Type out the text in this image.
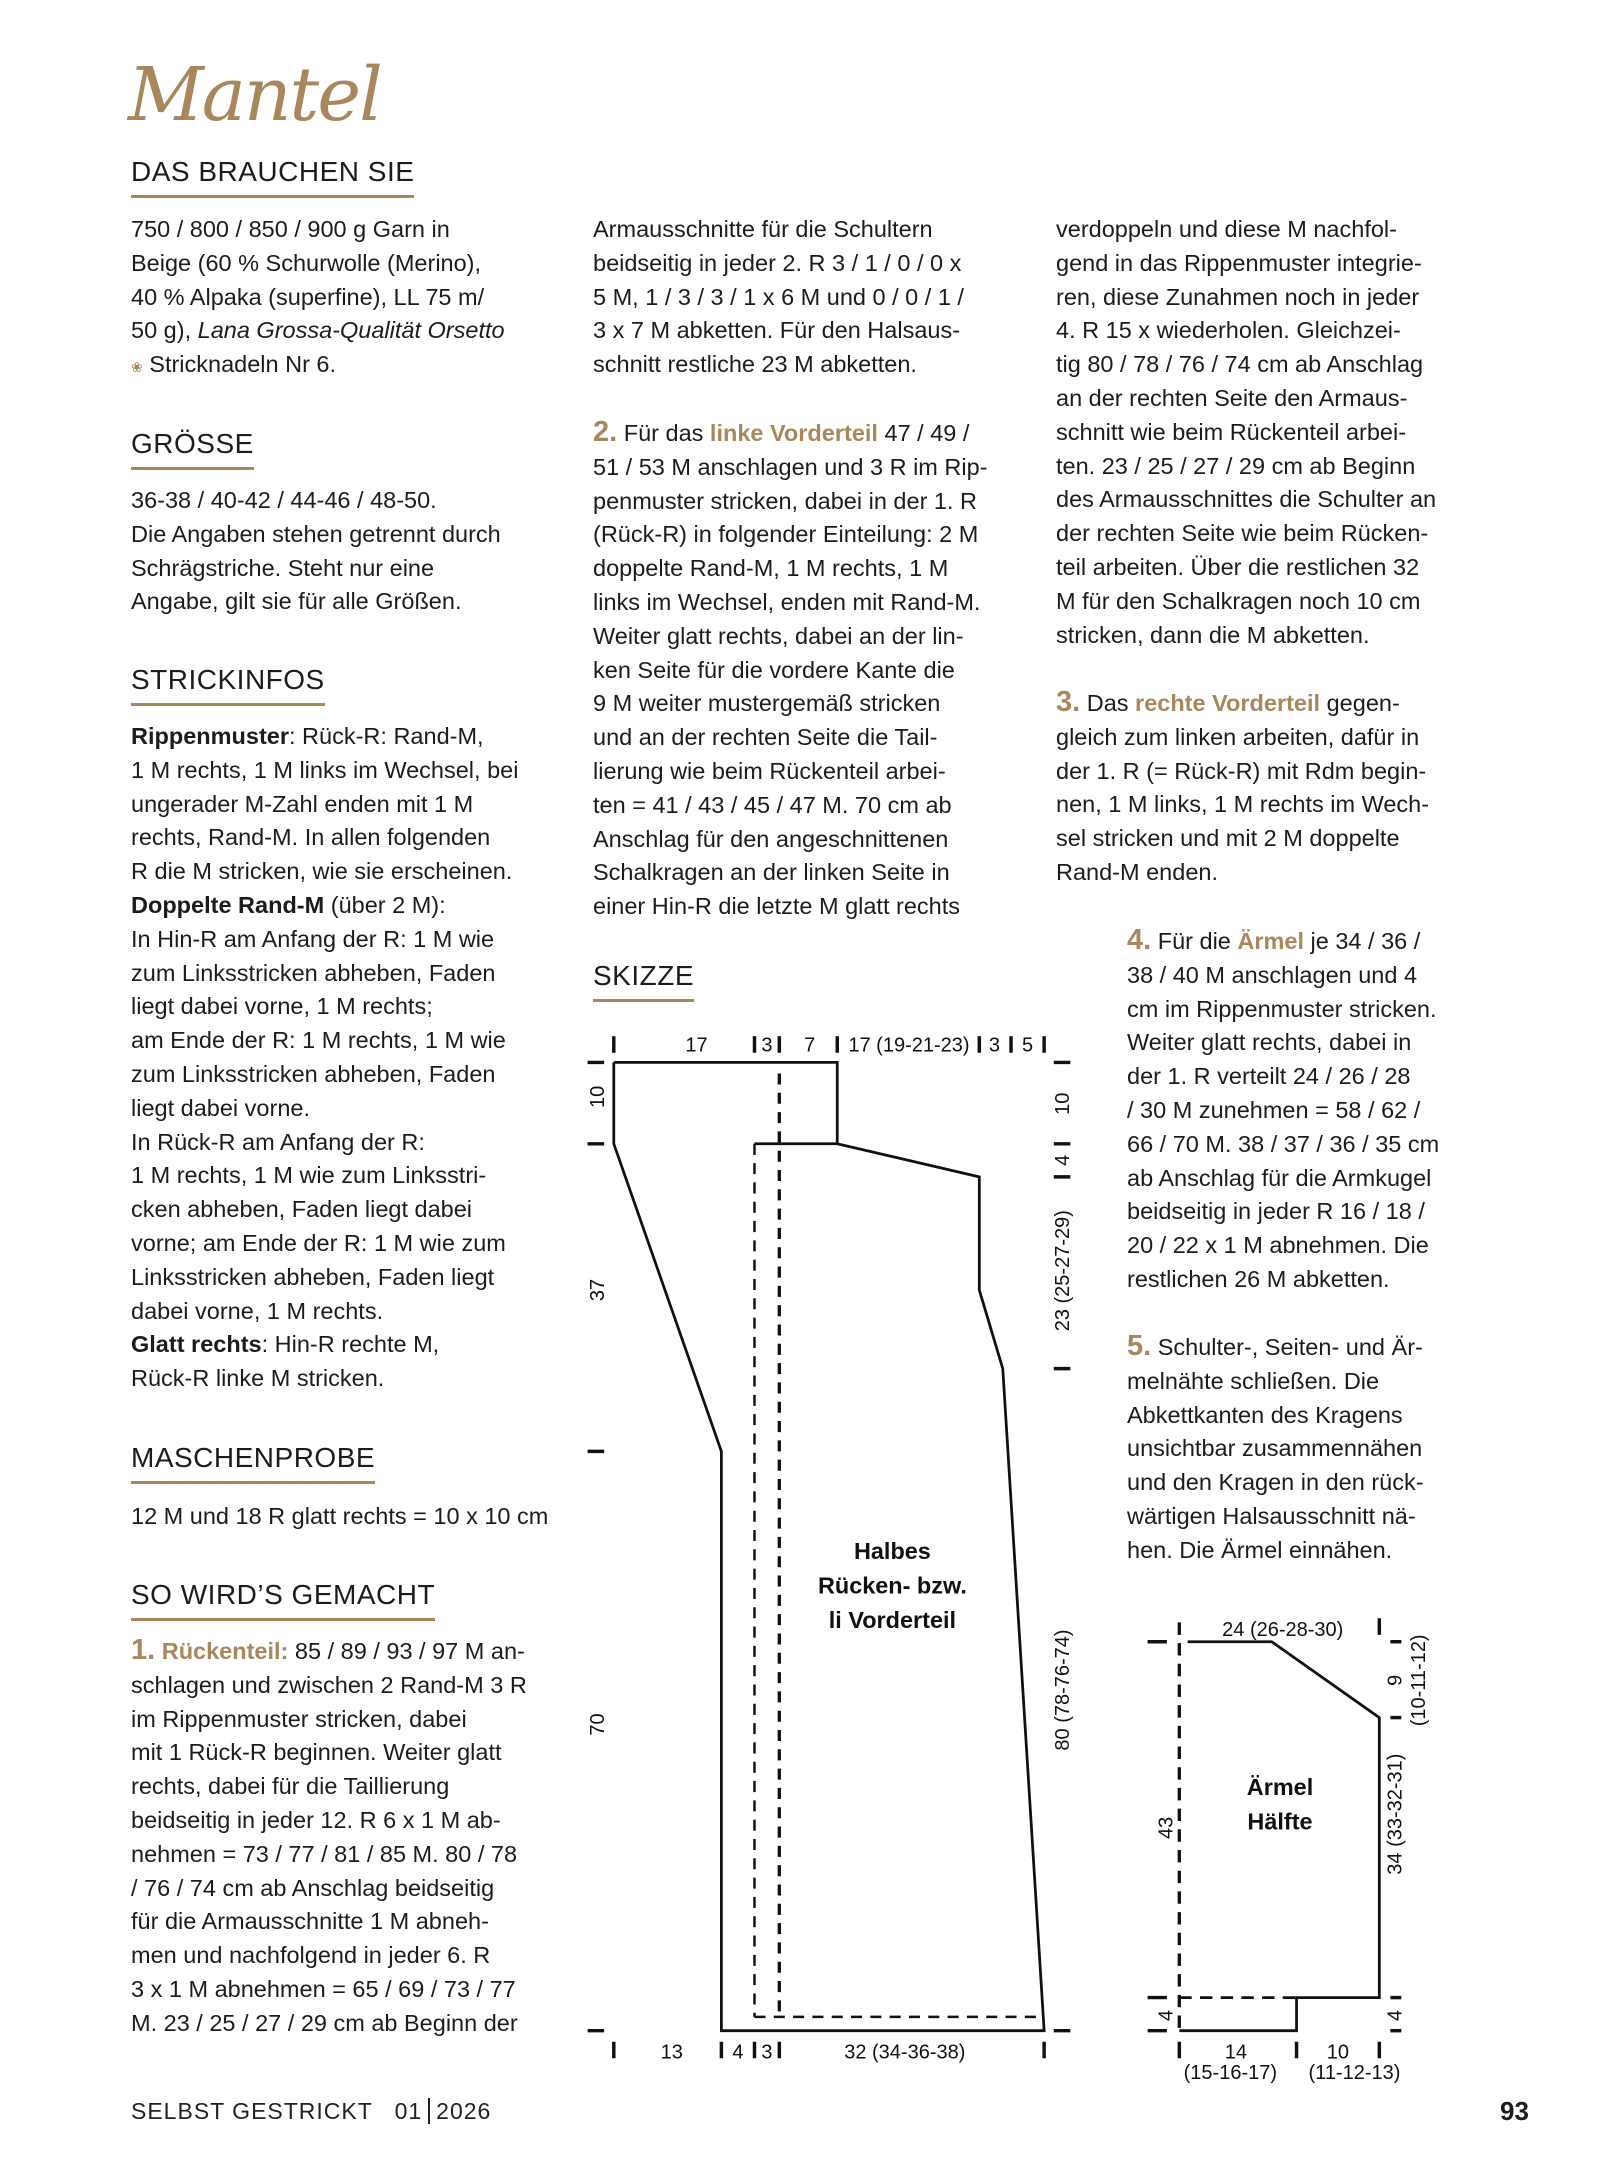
Mantel
DAS BRAUCHEN SIE

750 / 800 / 850 / 900 g Garn in
Beige (60 % Schurwolle (Merino),
40 % Alpaka (superfine), LL 75 m/
50 g), Lana Grossa-Qualität Orsetto
❀ Stricknadeln Nr 6.

GRÖSSE

36-38 / 40-42 / 44-46 / 48-50.
Die Angaben stehen getrennt durch
Schrägstriche. Steht nur eine
Angabe, gilt sie für alle Größen.

STRICKINFOS

Rippenmuster: Rück-R: Rand-M,
1 M rechts, 1 M links im Wechsel, bei
ungerader M-Zahl enden mit 1 M
rechts, Rand-M. In allen folgenden
R die M stricken, wie sie erscheinen.
Doppelte Rand-M (über 2 M):
In Hin-R am Anfang der R: 1 M wie
zum Linksstricken abheben, Faden
liegt dabei vorne, 1 M rechts;
am Ende der R: 1 M rechts, 1 M wie
zum Linksstricken abheben, Faden
liegt dabei vorne.
In Rück-R am Anfang der R:
1 M rechts, 1 M wie zum Linksstri-
cken abheben, Faden liegt dabei
vorne; am Ende der R: 1 M wie zum
Linksstricken abheben, Faden liegt
dabei vorne, 1 M rechts.
Glatt rechts: Hin-R rechte M,
Rück-R linke M stricken.

MASCHENPROBE

12 M und 18 R glatt rechts = 10 x 10 cm

SO WIRD’S GEMACHT

1. Rückenteil: 85 / 89 / 93 / 97 M an-
schlagen und zwischen 2 Rand-M 3 R
im Rippenmuster stricken, dabei
mit 1 Rück-R beginnen. Weiter glatt
rechts, dabei für die Taillierung
beidseitig in jeder 12. R 6 x 1 M ab-
nehmen = 73 / 77 / 81 / 85 M. 80 / 78
/ 76 / 74 cm ab Anschlag beidseitig
für die Armausschnitte 1 M abneh-
men und nachfolgend in jeder 6. R
3 x 1 M abnehmen = 65 / 69 / 73 / 77
M. 23 / 25 / 27 / 29 cm ab Beginn der

Armausschnitte für die Schultern
beidseitig in jeder 2. R 3 / 1 / 0 / 0 x
5 M, 1 / 3 / 3 / 1 x 6 M und 0 / 0 / 1 /
3 x 7 M abketten. Für den Halsaus-
schnitt restliche 23 M abketten.

2. Für das linke Vorderteil 47 / 49 /
51 / 53 M anschlagen und 3 R im Rip-
penmuster stricken, dabei in der 1. R
(Rück-R) in folgender Einteilung: 2 M
doppelte Rand-M, 1 M rechts, 1 M
links im Wechsel, enden mit Rand-M.
Weiter glatt rechts, dabei an der lin-
ken Seite für die vordere Kante die
9 M weiter mustergemäß stricken
und an der rechten Seite die Tail-
lierung wie beim Rückenteil arbei-
ten = 41 / 43 / 45 / 47 M. 70 cm ab
Anschlag für den angeschnittenen
Schalkragen an der linken Seite in
einer Hin-R die letzte M glatt rechts

SKIZZE

verdoppeln und diese M nachfol-
gend in das Rippenmuster integrie-
ren, diese Zunahmen noch in jeder
4. R 15 x wiederholen. Gleichzei-
tig 80 / 78 / 76 / 74 cm ab Anschlag
an der rechten Seite den Armaus-
schnitt wie beim Rückenteil arbei-
ten. 23 / 25 / 27 / 29 cm ab Beginn
des Armausschnittes die Schulter an
der rechten Seite wie beim Rücken-
teil arbeiten. Über die restlichen 32
M für den Schalkragen noch 10 cm
stricken, dann die M abketten.

3. Das rechte Vorderteil gegen-
gleich zum linken arbeiten, dafür in
der 1. R (= Rück-R) mit Rdm begin-
nen, 1 M links, 1 M rechts im Wech-
sel stricken und mit 2 M doppelte
Rand-M enden.

4. Für die Ärmel je 34 / 36 /
38 / 40 M anschlagen und 4
cm im Rippenmuster stricken.
Weiter glatt rechts, dabei in
der 1. R verteilt 24 / 26 / 28
/ 30 M zunehmen = 58 / 62 /
66 / 70 M. 38 / 37 / 36 / 35 cm
ab Anschlag für die Armkugel
beidseitig in jeder R 16 / 18 /
20 / 22 x 1 M abnehmen. Die
restlichen 26 M abketten.

5. Schulter-, Seiten- und Är-
melnähte schließen. Die
Abkettkanten des Kragens
unsichtbar zusammennähen
und den Kragen in den rück-
wärtigen Halsausschnitt nä-
hen. Die Ärmel einnähen.

17	3 7 17 (19-21-23) 3 5
10
37
70
10
4
23 (25-27-29)
80 (78-76-74)
13	4 3	32 (34-36-38)
Halbes
Rücken- bzw.
li Vorderteil	24 (26-28-30)
43
4
9 (10-11-12)
34 (33-32-31)
4
14
(15-16-17)
10
(11-12-13)
Ärmel
Hälfte
SELBST GESTRICKT 01 2026	93
